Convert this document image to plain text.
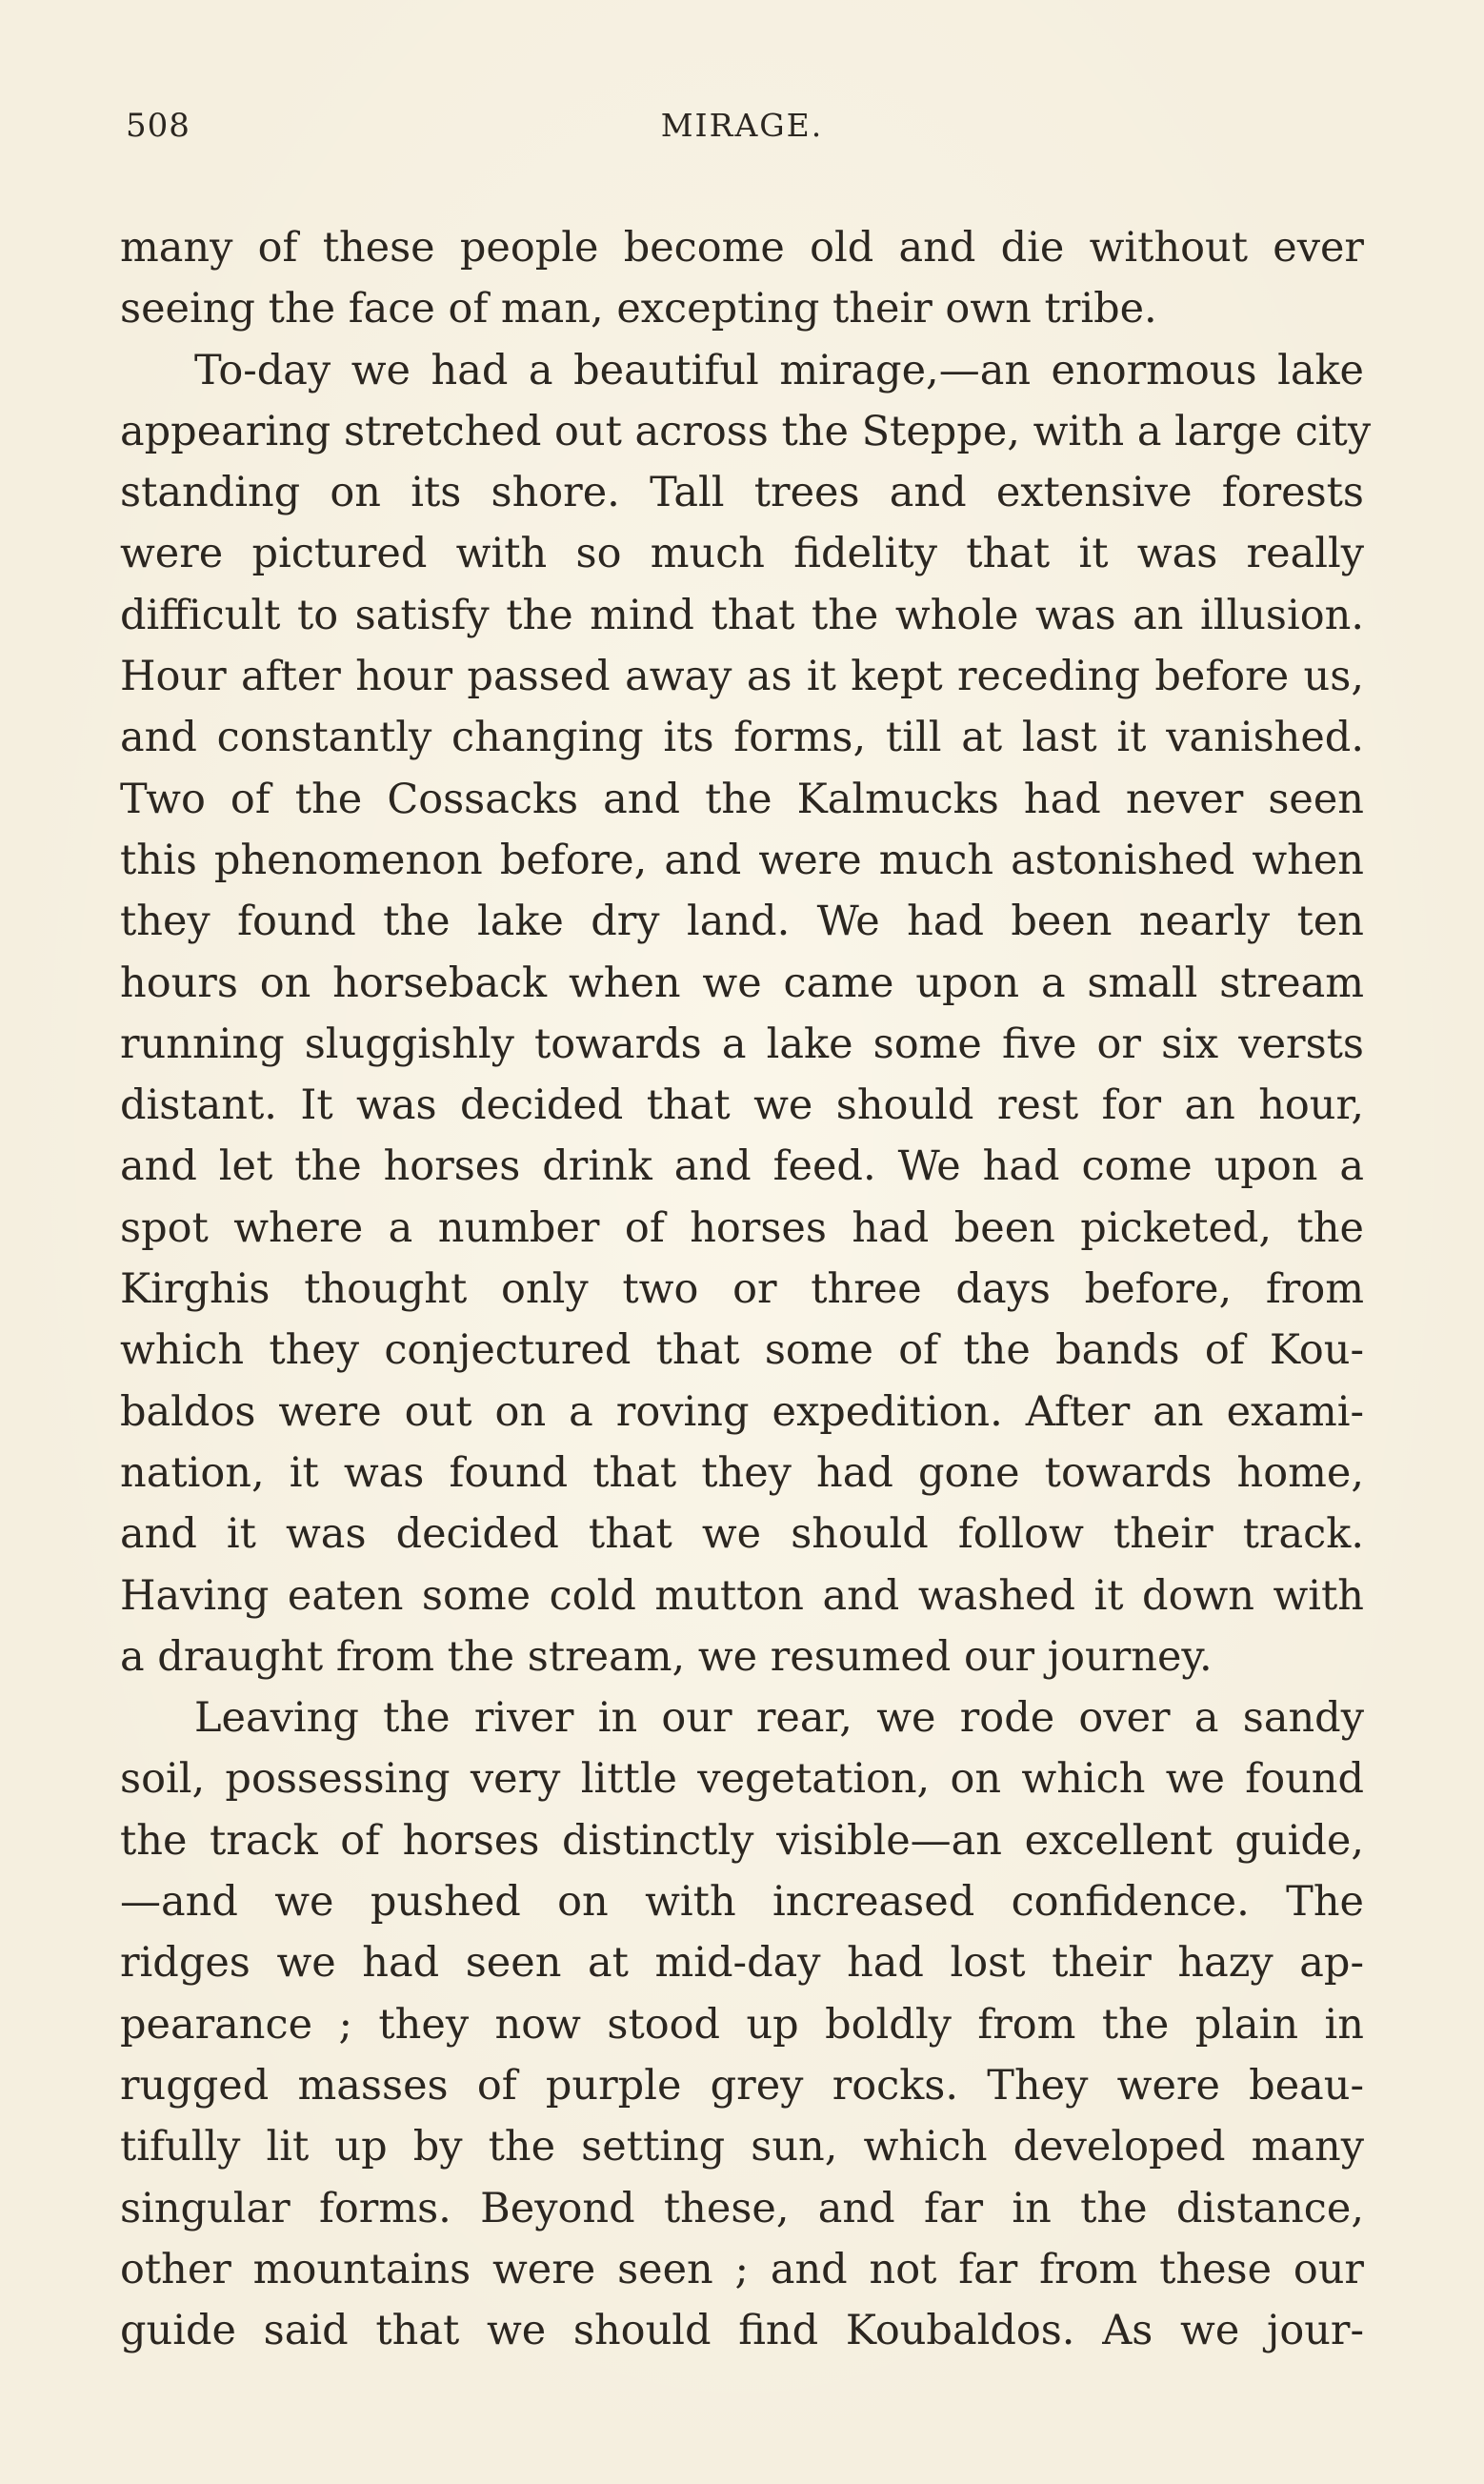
508	MIRAGE.
many of these people become old and die without ever
seeing the face of man, excepting their own tribe.
To-day we had a beautiful mirage,—an enormous lake
appearing stretched out across the Steppe, with a large city
standing on its shore. Tall trees and extensive forests
were pictured with so much fidelity that it was really
difficult to satisfy the mind that the whole was an illusion.
Hour after hour passed away as it kept receding before us,
and constantly changing its forms, till at last it vanished.
Two of the Cossacks and the Kalmucks had never seen
this phenomenon before, and were much astonished when
they found the lake dry land. We had been nearly ten
hours on horseback when we came upon a small stream
running sluggishly towards a lake some five or six versts
distant. It was decided that we should rest for an hour,
and let the horses drink and feed. We had come upon a
spot where a number of horses had been picketed, the
Kirghis thought only two or three days before, from
which they conjectured that some of the bands of Kou-
baldos were out on a roving expedition. After an exami-
nation, it was found that they had gone towards home,
and it was decided that we should follow their track.
Having eaten some cold mutton and washed it down with
a draught from the stream, we resumed our journey.
Leaving the river in our rear, we rode over a sandy
soil, possessing very little vegetation, on which we found
the track of horses distinctly visible—an excellent guide,
—and we pushed on with increased confidence. The
ridges we had seen at mid-day had lost their hazy ap-
pearance ; they now stood up boldly from the plain in
rugged masses of purple grey rocks. They were beau-
tifully lit up by the setting sun, which developed many
singular forms. Beyond these, and far in the distance,
other mountains were seen ; and not far from these our
guide said that we should find Koubaldos. As we jour-
